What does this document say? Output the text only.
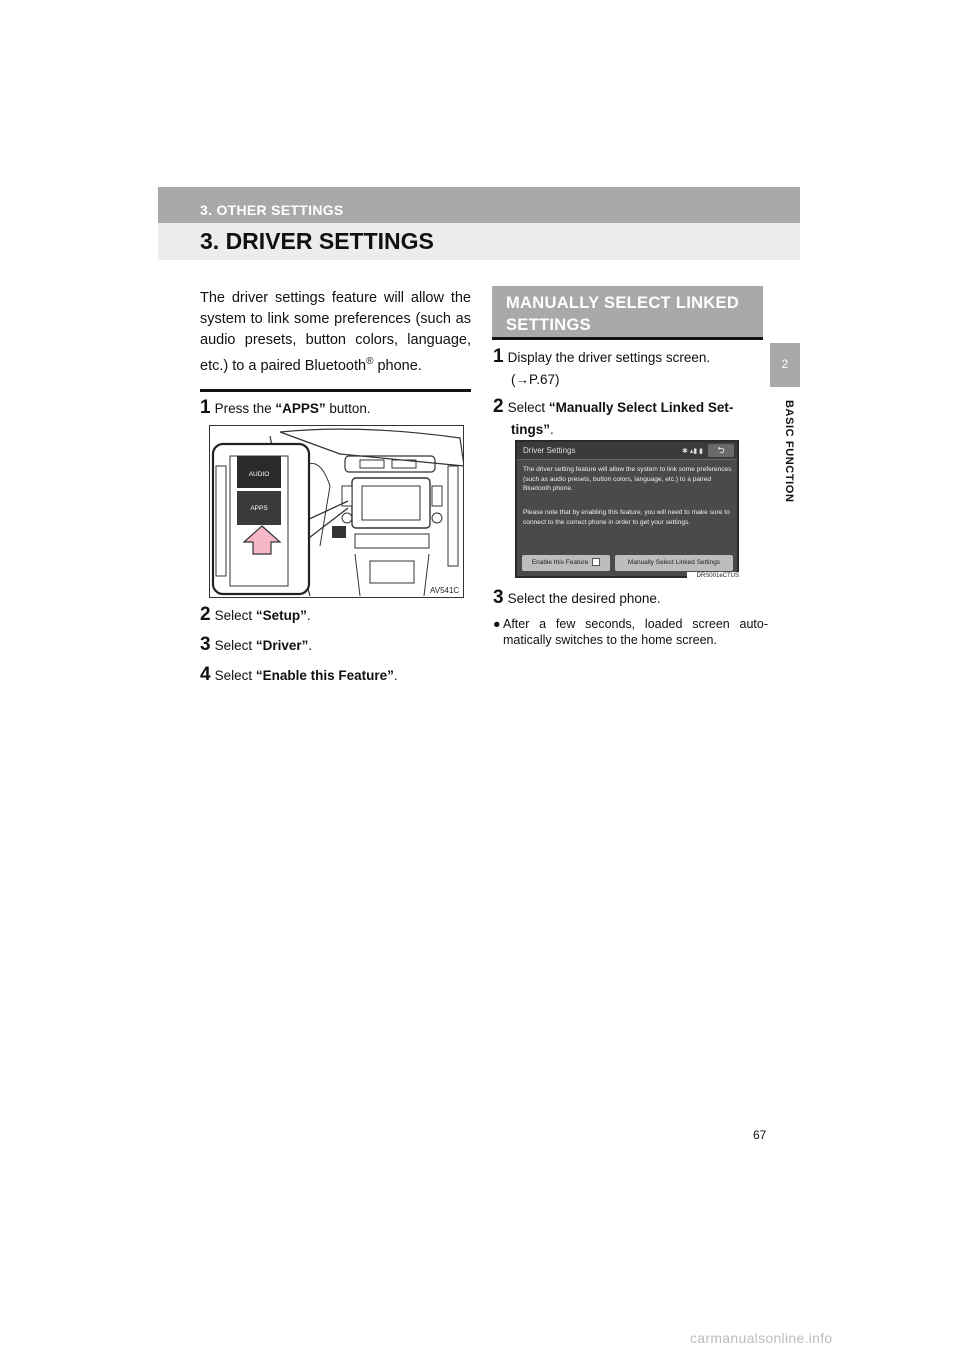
3. OTHER SETTINGS
3. DRIVER SETTINGS
2
BASIC FUNCTION

The driver settings feature will allow the system to link some preferences (such as audio presets, button colors, language, etc.) to a paired Bluetooth® phone.

1 Press the “APPS” button.
AUDIO
APPS
AV541C
2 Select “Setup”.
3 Select “Driver”.
4 Select “Enable this Feature”.
MANUALLY SELECT LINKED SETTINGS
1 Display the driver settings screen.
(→P.67)
2 Select “Manually Select Linked Set-
tings”.
Driver Settings	✱ ▴▮ ▮	⮌
The driver setting feature will allow the system to link some preferences (such as audio presets, button colors, language, etc.) to a paired Bluetooth phone.
Please note that by enabling this feature, you will need to make sure to connect to the correct phone in order to get your settings.
Enable this Feature	Manually Select Linked Settings
DRS001eCTUS
3 Select the desired phone.
● After a few seconds, loaded screen auto-matically switches to the home screen.
67
carmanualsonline.info
